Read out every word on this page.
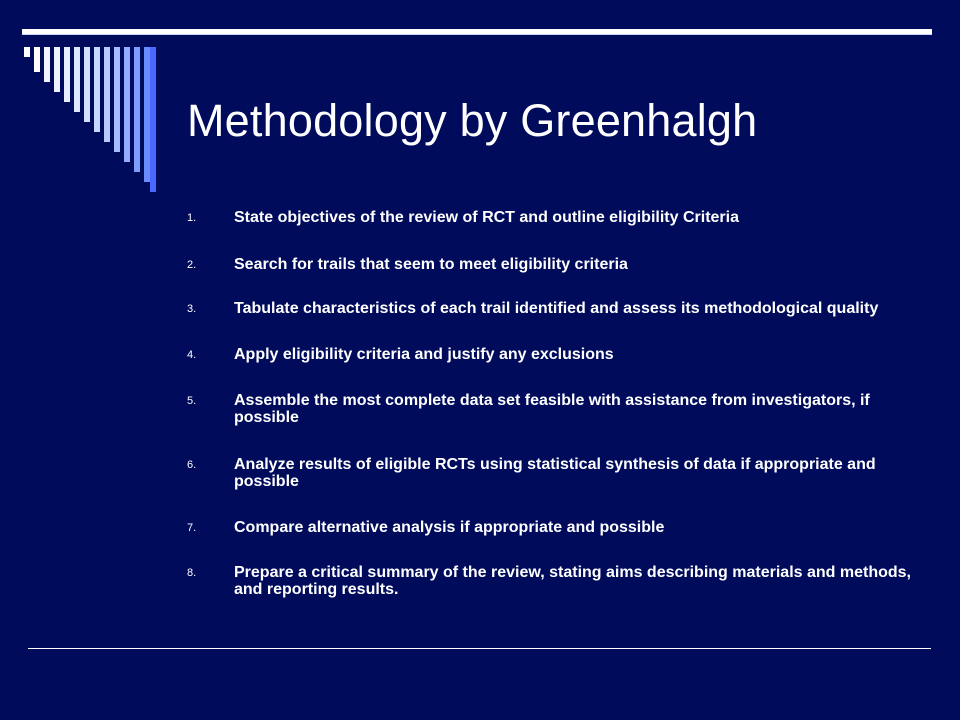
Methodology by Greenhalgh
1. State objectives of the review of RCT and outline eligibility Criteria
2. Search for trails that seem to meet eligibility criteria
3. Tabulate characteristics of each trail identified and assess its methodological quality
4. Apply eligibility criteria and justify any exclusions
5. Assemble the most complete data set feasible with assistance from investigators, if possible
6. Analyze results of eligible RCTs using statistical synthesis of data if appropriate and possible
7. Compare alternative analysis if appropriate and possible
8. Prepare a critical summary of the review, stating aims describing materials and methods, and reporting results.
